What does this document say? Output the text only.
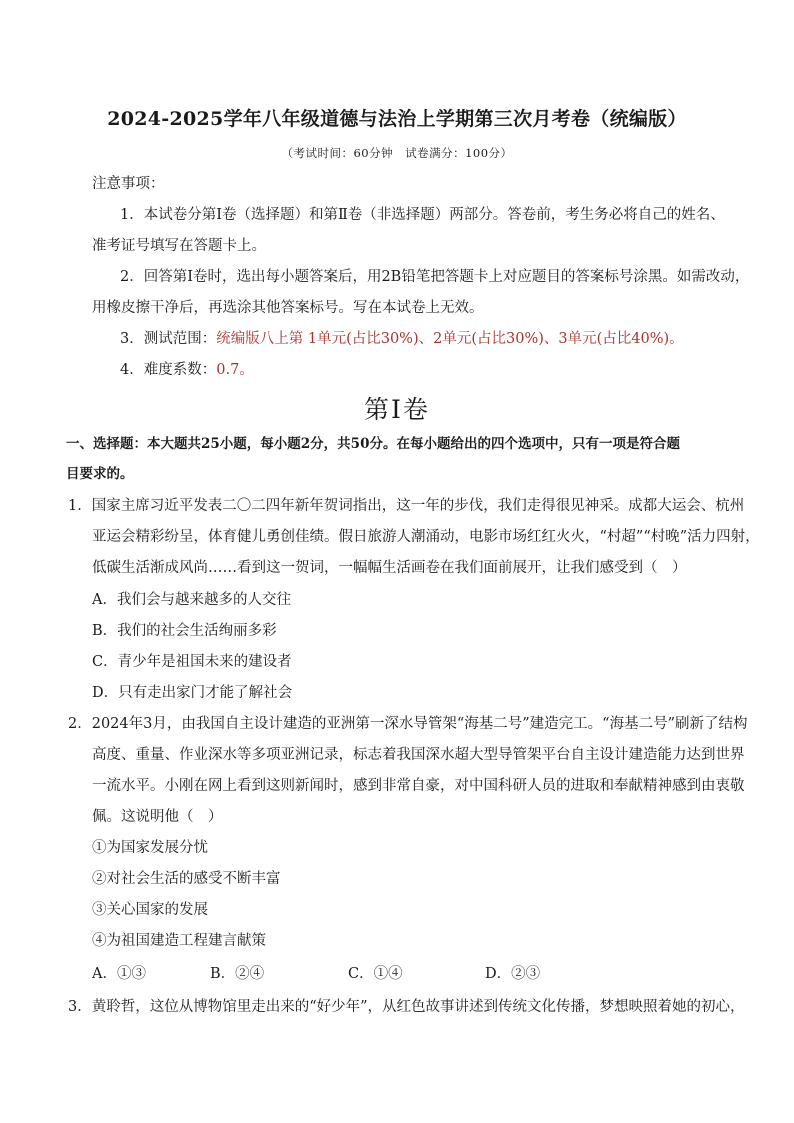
2024-2025学年八年级道德与法治上学期第三次月考卷（统编版）
（考试时间：60分钟　试卷满分：100分）
注意事项：
1．本试卷分第Ⅰ卷（选择题）和第Ⅱ卷（非选择题）两部分。答卷前，考生务必将自己的姓名、
准考证号填写在答题卡上。
2．回答第Ⅰ卷时，选出每小题答案后，用2B铅笔把答题卡上对应题目的答案标号涂黑。如需改动，
用橡皮擦干净后，再选涂其他答案标号。写在本试卷上无效。
3．测试范围：统编版八上第 1单元(占比30%)、2单元(占比30%)、3单元(占比40%)。
4．难度系数：0.7。
第Ⅰ卷
一、选择题：本大题共25小题，每小题2分，共50分。在每小题给出的四个选项中，只有一项是符合题
目要求的。
1．国家主席习近平发表二〇二四年新年贺词指出，这一年的步伐，我们走得很见神采。成都大运会、杭州
亚运会精彩纷呈，体育健儿勇创佳绩。假日旅游人潮涌动，电影市场红红火火，“村超”“村晚”活力四射，
低碳生活渐成风尚……看到这一贺词，一幅幅生活画卷在我们面前展开，让我们感受到（　）
A．我们会与越来越多的人交往
B．我们的社会生活绚丽多彩
C．青少年是祖国未来的建设者
D．只有走出家门才能了解社会
2．2024年3月，由我国自主设计建造的亚洲第一深水导管架“海基二号”建造完工。“海基二号”刷新了结构
高度、重量、作业深水等多项亚洲记录，标志着我国深水超大型导管架平台自主设计建造能力达到世界
一流水平。小刚在网上看到这则新闻时，感到非常自豪，对中国科研人员的进取和奉献精神感到由衷敬
佩。这说明他（　）
①为国家发展分忧
②对社会生活的感受不断丰富
③关心国家的发展
④为祖国建造工程建言献策
A．①③	B．②④	C．①④	D．②③
3．黄聆哲，这位从博物馆里走出来的“好少年”，从红色故事讲述到传统文化传播，梦想映照着她的初心，
